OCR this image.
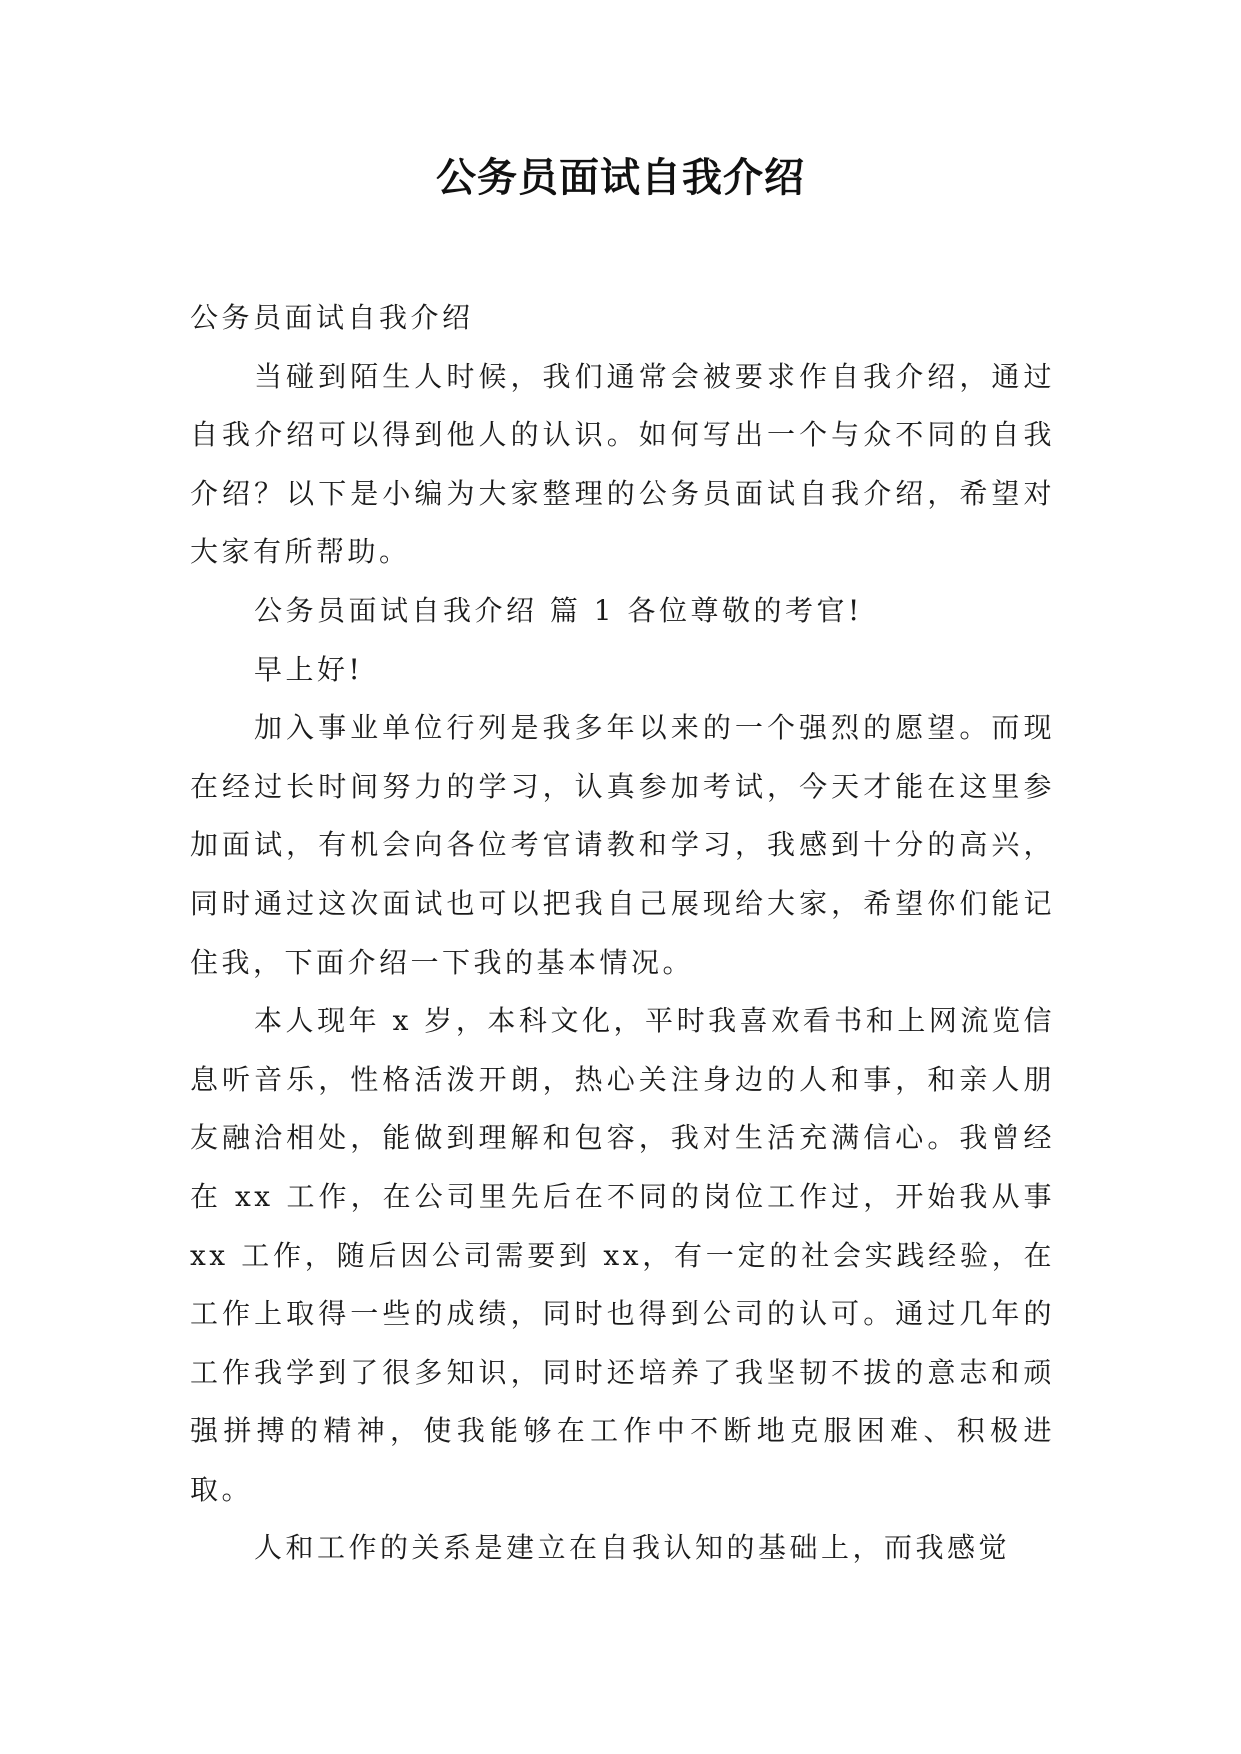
公务员面试自我介绍

公务员面试自我介绍

当碰到陌生人时候，我们通常会被要求作自我介绍，通过自我介绍可以得到他人的认识。如何写出一个与众不同的自我介绍？以下是小编为大家整理的公务员面试自我介绍，希望对大家有所帮助。

公务员面试自我介绍 篇 1 各位尊敬的考官!

早上好!

加入事业单位行列是我多年以来的一个强烈的愿望。而现在经过长时间努力的学习，认真参加考试，今天才能在这里参加面试，有机会向各位考官请教和学习，我感到十分的高兴，同时通过这次面试也可以把我自己展现给大家，希望你们能记住我，下面介绍一下我的基本情况。

本人现年 x 岁，本科文化，平时我喜欢看书和上网流览信息听音乐，性格活泼开朗，热心关注身边的人和事，和亲人朋友融洽相处，能做到理解和包容，我对生活充满信心。我曾经在 xx 工作，在公司里先后在不同的岗位工作过，开始我从事 xx 工作，随后因公司需要到 xx，有一定的社会实践经验，在工作上取得一些的成绩，同时也得到公司的认可。通过几年的工作我学到了很多知识，同时还培养了我坚韧不拔的意志和顽强拼搏的精神，使我能够在工作中不断地克服困难、积极进取。

人和工作的关系是建立在自我认知的基础上，而我感觉
